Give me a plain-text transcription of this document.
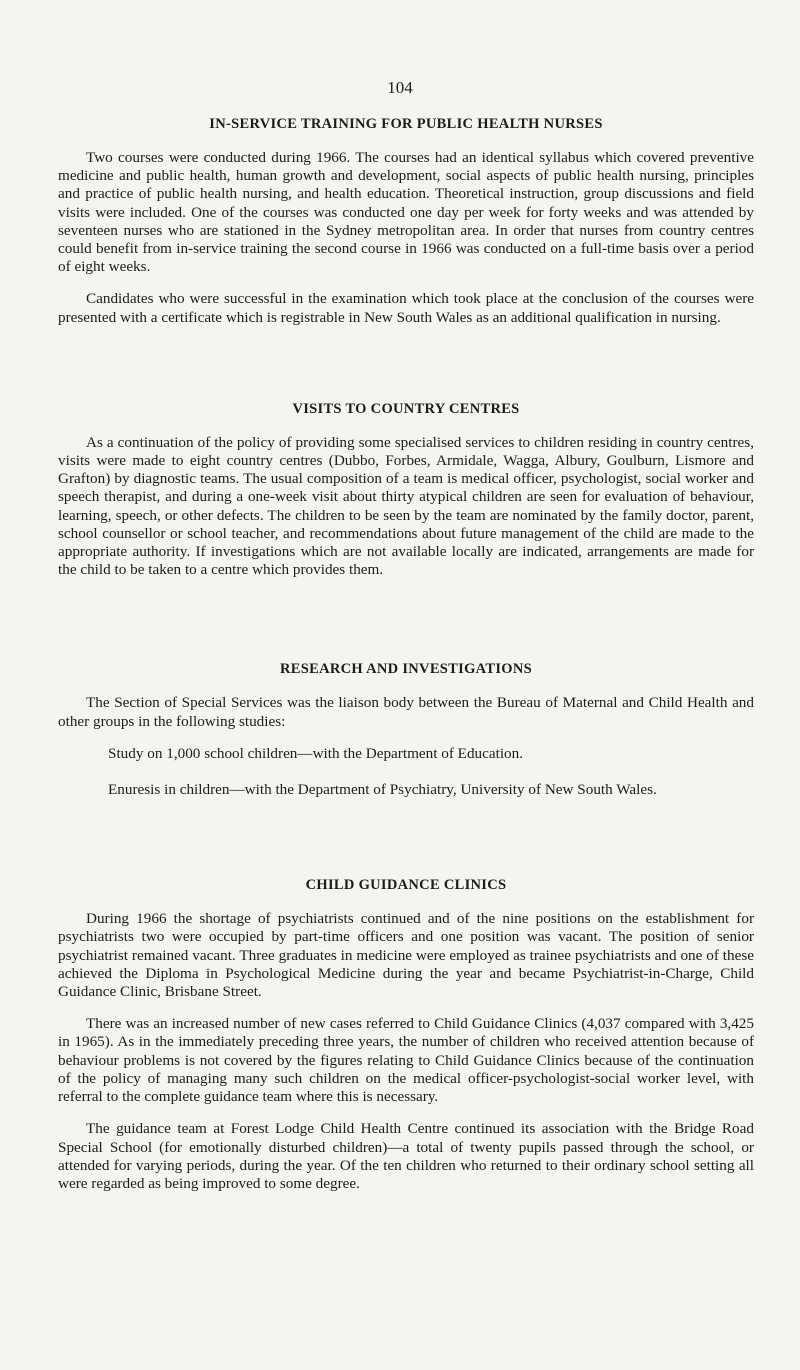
104
IN-SERVICE TRAINING FOR PUBLIC HEALTH NURSES

Two courses were conducted during 1966. The courses had an identical syllabus which covered preventive medicine and public health, human growth and development, social aspects of public health nursing, principles and practice of public health nursing, and health education. Theoretical instruction, group discussions and field visits were included. One of the courses was conducted one day per week for forty weeks and was attended by seventeen nurses who are stationed in the Sydney metropolitan area. In order that nurses from country centres could benefit from in-service training the second course in 1966 was conducted on a full-time basis over a period of eight weeks.

Candidates who were successful in the examination which took place at the conclusion of the courses were presented with a certificate which is registrable in New South Wales as an additional qualification in nursing.

VISITS TO COUNTRY CENTRES

As a continuation of the policy of providing some specialised services to children residing in country centres, visits were made to eight country centres (Dubbo, Forbes, Armidale, Wagga, Albury, Goulburn, Lismore and Grafton) by diagnostic teams. The usual composition of a team is medical officer, psychologist, social worker and speech therapist, and during a one-week visit about thirty atypical children are seen for evaluation of behaviour, learning, speech, or other defects. The children to be seen by the team are nominated by the family doctor, parent, school counsellor or school teacher, and recommendations about future management of the child are made to the appropriate authority. If investigations which are not available locally are indicated, arrangements are made for the child to be taken to a centre which provides them.

RESEARCH AND INVESTIGATIONS

The Section of Special Services was the liaison body between the Bureau of Maternal and Child Health and other groups in the following studies:

Study on 1,000 school children—with the Department of Education.

Enuresis in children—with the Department of Psychiatry, University of New South Wales.

CHILD GUIDANCE CLINICS

During 1966 the shortage of psychiatrists continued and of the nine positions on the establishment for psychiatrists two were occupied by part-time officers and one position was vacant. The position of senior psychiatrist remained vacant. Three graduates in medicine were employed as trainee psychiatrists and one of these achieved the Diploma in Psychological Medicine during the year and became Psychiatrist-in-Charge, Child Guidance Clinic, Brisbane Street.

There was an increased number of new cases referred to Child Guidance Clinics (4,037 compared with 3,425 in 1965). As in the immediately preceding three years, the number of children who received attention because of behaviour problems is not covered by the figures relating to Child Guidance Clinics because of the continuation of the policy of managing many such children on the medical officer-psychologist-social worker level, with referral to the complete guidance team where this is necessary.

The guidance team at Forest Lodge Child Health Centre continued its association with the Bridge Road Special School (for emotionally disturbed children)—a total of twenty pupils passed through the school, or attended for varying periods, during the year. Of the ten children who returned to their ordinary school setting all were regarded as being improved to some degree.
